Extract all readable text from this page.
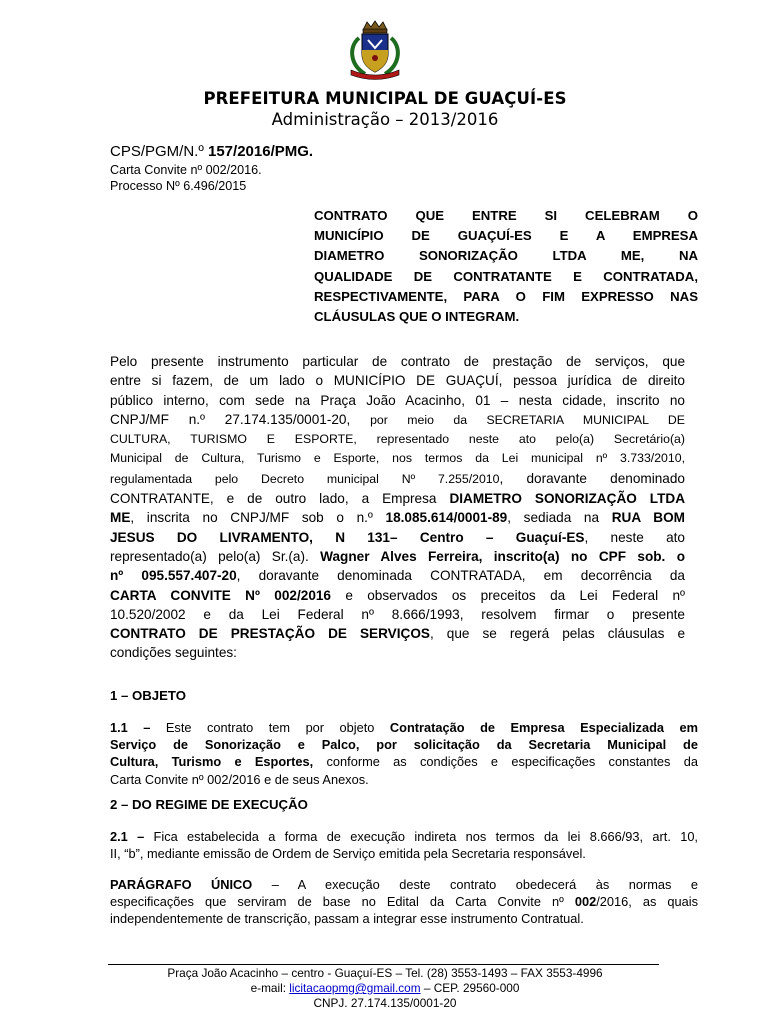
PREFEITURA MUNICIPAL DE GUAÇUÍ-ES
Administração – 2013/2016
CPS/PGM/N.º 157/2016/PMG.
Carta Convite nº 002/2016.
Processo Nº 6.496/2015
CONTRATO QUE ENTRE SI CELEBRAM O
MUNICÍPIO DE GUAÇUÍ-ES E A EMPRESA
DIAMETRO SONORIZAÇÃO LTDA ME, NA
QUALIDADE DE CONTRATANTE E CONTRATADA,
RESPECTIVAMENTE, PARA O FIM EXPRESSO NAS
CLÁUSULAS QUE O INTEGRAM.
Pelo presente instrumento particular de contrato de prestação de serviços, que
entre si fazem, de um lado o MUNICÍPIO DE GUAÇUÍ, pessoa jurídica de direito
público interno, com sede na Praça João Acacinho, 01 – nesta cidade, inscrito no
CNPJ/MF n.º 27.174.135/0001-20, por meio da SECRETARIA MUNICIPAL DE
CULTURA, TURISMO E ESPORTE, representado neste ato pelo(a) Secretário(a)
Municipal de Cultura, Turismo e Esporte, nos termos da Lei municipal nº 3.733/2010,
regulamentada pelo Decreto municipal Nº 7.255/2010, doravante denominado
CONTRATANTE, e de outro lado, a Empresa DIAMETRO SONORIZAÇÃO LTDA
ME, inscrita no CNPJ/MF sob o n.º 18.085.614/0001-89, sediada na RUA BOM
JESUS DO LIVRAMENTO, N 131– Centro – Guaçuí-ES, neste ato
representado(a) pelo(a) Sr.(a). Wagner Alves Ferreira, inscrito(a) no CPF sob. o
nº 095.557.407-20, doravante denominada CONTRATADA, em decorrência da
CARTA CONVITE Nº 002/2016 e observados os preceitos da Lei Federal nº
10.520/2002 e da Lei Federal nº 8.666/1993, resolvem firmar o presente
CONTRATO DE PRESTAÇÃO DE SERVIÇOS, que se regerá pelas cláusulas e
condições seguintes:
1 – OBJETO
1.1 – Este contrato tem por objeto Contratação de Empresa Especializada em
Serviço de Sonorização e Palco, por solicitação da Secretaria Municipal de
Cultura, Turismo e Esportes, conforme as condições e especificações constantes da
Carta Convite nº 002/2016 e de seus Anexos.
2 – DO REGIME DE EXECUÇÃO
2.1 – Fica estabelecida a forma de execução indireta nos termos da lei 8.666/93, art. 10,
II, “b”, mediante emissão de Ordem de Serviço emitida pela Secretaria responsável.
PARÁGRAFO ÚNICO – A execução deste contrato obedecerá às normas e
especificações que serviram de base no Edital da Carta Convite nº 002/2016, as quais
independentemente de transcrição, passam a integrar esse instrumento Contratual.
Praça João Acacinho – centro - Guaçuí-ES – Tel. (28) 3553-1493 – FAX 3553-4996
e-mail: licitacaopmg@gmail.com – CEP. 29560-000
CNPJ. 27.174.135/0001-20
